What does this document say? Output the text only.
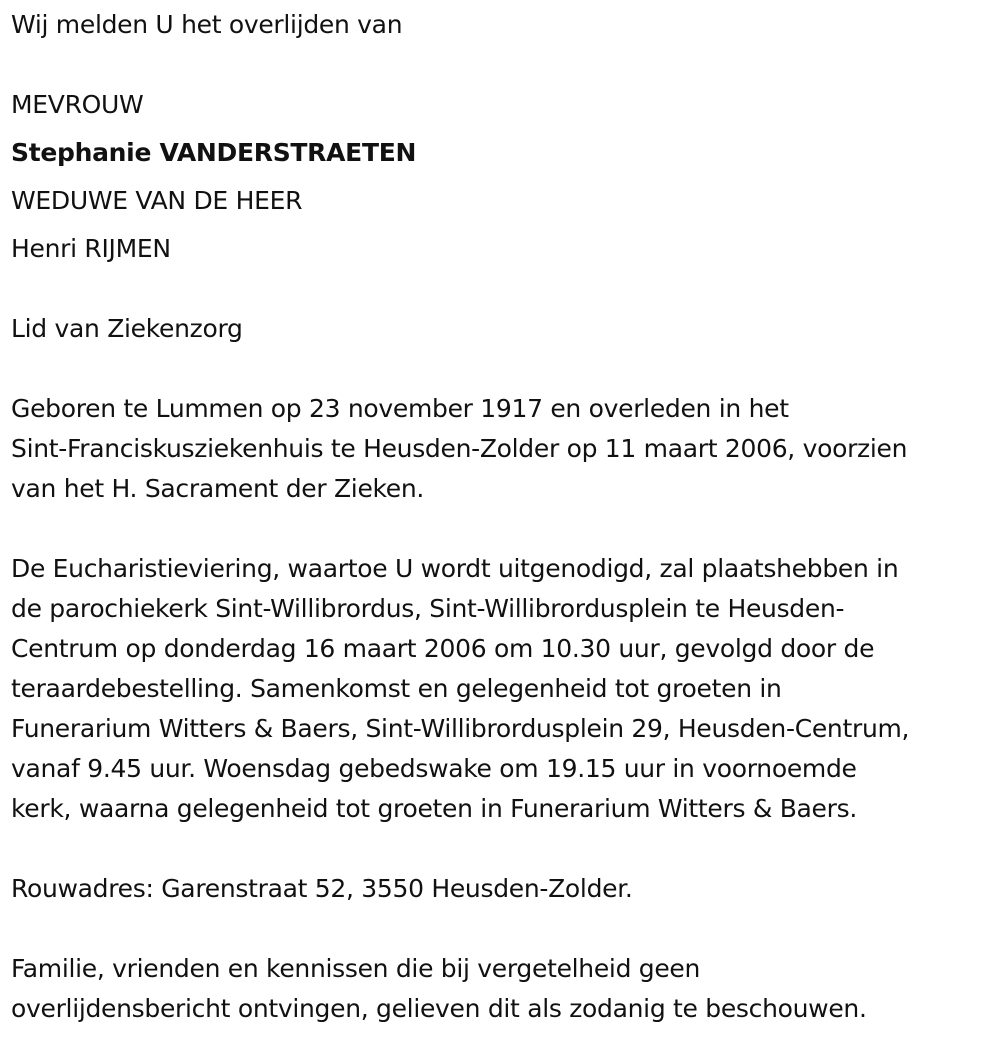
Wij melden U het overlijden van
MEVROUW
Stephanie VANDERSTRAETEN
WEDUWE VAN DE HEER
Henri RIJMEN
Lid van Ziekenzorg
Geboren te Lummen op 23 november 1917 en overleden in het
Sint-Franciskusziekenhuis te Heusden-Zolder op 11 maart 2006, voorzien
van het H. Sacrament der Zieken.
De Eucharistieviering, waartoe U wordt uitgenodigd, zal plaatshebben in
de parochiekerk Sint-Willibrordus, Sint-Willibrordusplein te Heusden-
Centrum op donderdag 16 maart 2006 om 10.30 uur, gevolgd door de
teraardebestelling. Samenkomst en gelegenheid tot groeten in
Funerarium Witters & Baers, Sint-Willibrordusplein 29, Heusden-Centrum,
vanaf 9.45 uur. Woensdag gebedswake om 19.15 uur in voornoemde
kerk, waarna gelegenheid tot groeten in Funerarium Witters & Baers.
Rouwadres: Garenstraat 52, 3550 Heusden-Zolder.
Familie, vrienden en kennissen die bij vergetelheid geen
overlijdensbericht ontvingen, gelieven dit als zodanig te beschouwen.
